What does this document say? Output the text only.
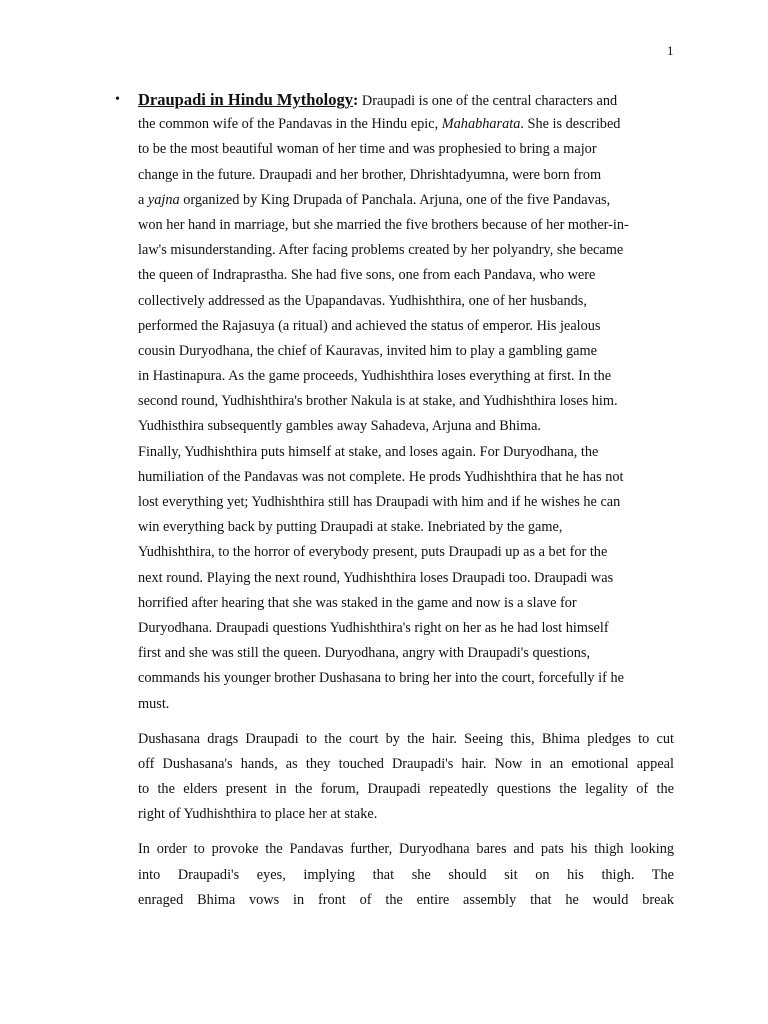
1
• Draupadi in Hindu Mythology: Draupadi is one of the central characters and
the common wife of the Pandavas in the Hindu epic, Mahabharata. She is described
to be the most beautiful woman of her time and was prophesied to bring a major
change in the future. Draupadi and her brother, Dhrishtadyumna, were born from
a yajna organized by King Drupada of Panchala. Arjuna, one of the five Pandavas,
won her hand in marriage, but she married the five brothers because of her mother-in-
law's misunderstanding. After facing problems created by her polyandry, she became
the queen of Indraprastha. She had five sons, one from each Pandava, who were
collectively addressed as the Upapandavas. Yudhishthira, one of her husbands,
performed the Rajasuya (a ritual) and achieved the status of emperor. His jealous
cousin Duryodhana, the chief of Kauravas, invited him to play a gambling game
in Hastinapura. As the game proceeds, Yudhishthira loses everything at first. In the
second round, Yudhishthira's brother Nakula is at stake, and Yudhishthira loses him.
Yudhisthira subsequently gambles away Sahadeva, Arjuna and Bhima.
Finally, Yudhishthira puts himself at stake, and loses again. For Duryodhana, the
humiliation of the Pandavas was not complete. He prods Yudhishthira that he has not
lost everything yet; Yudhishthira still has Draupadi with him and if he wishes he can
win everything back by putting Draupadi at stake. Inebriated by the game,
Yudhishthira, to the horror of everybody present, puts Draupadi up as a bet for the
next round. Playing the next round, Yudhishthira loses Draupadi too. Draupadi was
horrified after hearing that she was staked in the game and now is a slave for
Duryodhana. Draupadi questions Yudhishthira's right on her as he had lost himself
first and she was still the queen. Duryodhana, angry with Draupadi's questions,
commands his younger brother Dushasana to bring her into the court, forcefully if he
must.
Dushasana drags Draupadi to the court by the hair. Seeing this, Bhima pledges to cut
off Dushasana's hands, as they touched Draupadi's hair. Now in an emotional appeal
to the elders present in the forum, Draupadi repeatedly questions the legality of the
right of Yudhishthira to place her at stake.
In order to provoke the Pandavas further, Duryodhana bares and pats his thigh looking
into Draupadi's eyes, implying that she should sit on his thigh. The
enraged Bhima vows in front of the entire assembly that he would break
